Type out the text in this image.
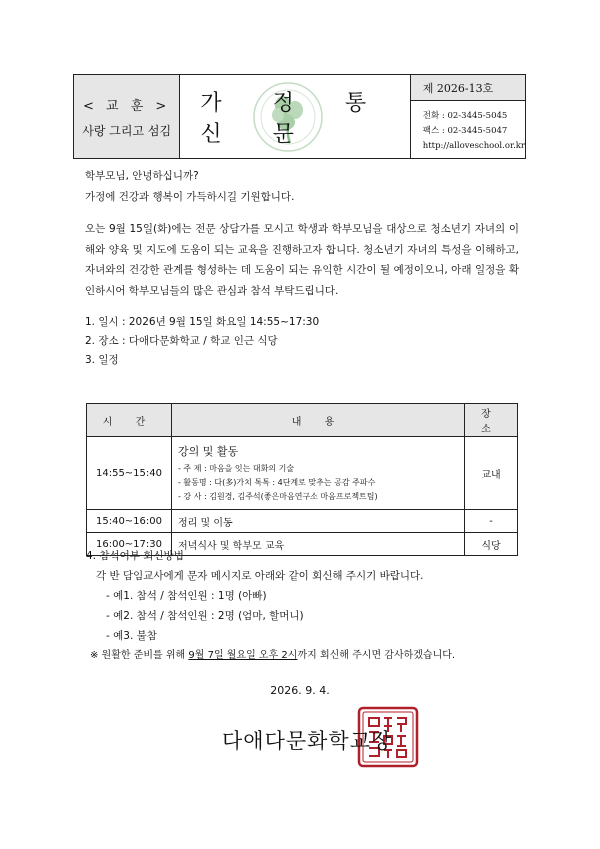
< 교 훈 >
사랑 그리고 섬김
가 정 통 신 문
제 2026-13호
전화 : 02-3445-5045
팩스 : 02-3445-5047
http://alloveschool.or.kr

학부모님, 안녕하십니까?

가정에 건강과 행복이 가득하시길 기원합니다.

오는 9월 15일(화)에는 전문 상담가를 모시고 학생과 학부모님을 대상으로 청소년기 자녀의 이해와 양육 및 지도에 도움이 되는 교육을 진행하고자 합니다. 청소년기 자녀의 특성을 이해하고, 자녀와의 건강한 관계를 형성하는 데 도움이 되는 유익한 시간이 될 예정이오니, 아래 일정을 확인하시어 학부모님들의 많은 관심과 참석 부탁드립니다.

1. 일시 : 2026년 9월 15일 화요일 14:55~17:30
2. 장소 : 다애다문화학교 / 학교 인근 식당
3. 일정
시 간	내 용	장 소
14:55~15:40	강의 및 활동
- 주 제 : 마음을 잇는 대화의 기술
- 활동명 : 다(多)가치 톡톡 : 4단계로 맞추는 공감 주파수
- 강 사 : 김원경, 김주석(좋은마음연구소 마음프로젝트팀)	교내
15:40~16:00	정리 및 이동	-
16:00~17:30	저녁식사 및 학부모 교육	식당
4. 참석여부 회신방법
각 반 담임교사에게 문자 메시지로 아래와 같이 회신해 주시기 바랍니다.
- 예1. 참석 / 참석인원 : 1명 (아빠)
- 예2. 참석 / 참석인원 : 2명 (엄마, 할머니)
- 예3. 불참
※ 원활한 준비를 위해 9월 7일 월요일 오후 2시까지 회신해 주시면 감사하겠습니다.
2026. 9. 4.
다애다문화학교장
